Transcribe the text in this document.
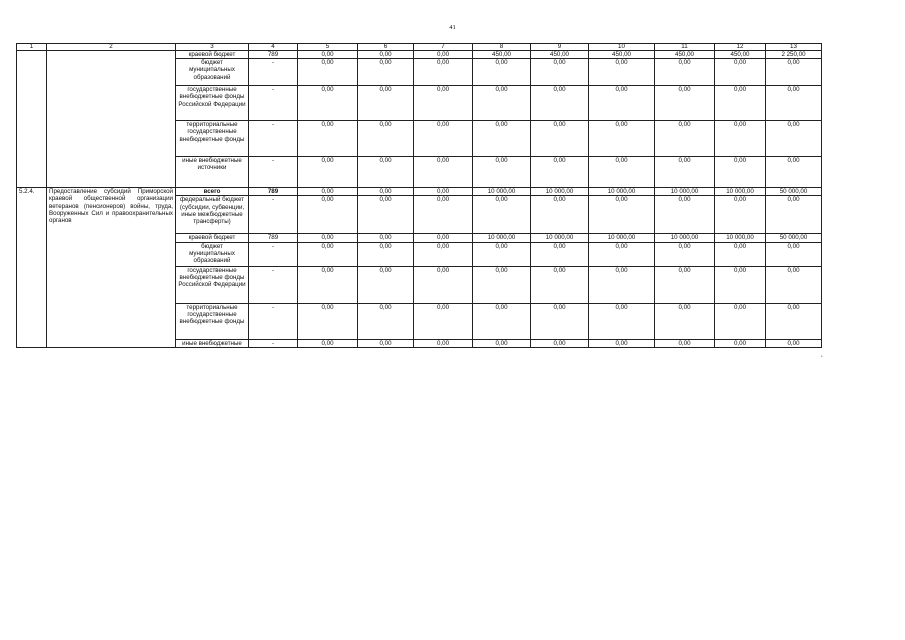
41
1	2	3	4	5	6	7	8	9	10	11	12	13
		краевой бюджет	789	0,00	0,00	0,00	450,00	450,00	450,00	450,00	450,00	2 250,00
		бюджет муниципальных образований	-	0,00	0,00	0,00	0,00	0,00	0,00	0,00	0,00	0,00
		государственные внебюджетные фонды Российской Федерации	-	0,00	0,00	0,00	0,00	0,00	0,00	0,00	0,00	0,00
		территориальные государственные внебюджетные фонды	-	0,00	0,00	0,00	0,00	0,00	0,00	0,00	0,00	0,00
		иные внебюджетные источники	-	0,00	0,00	0,00	0,00	0,00	0,00	0,00	0,00	0,00
5.2.4.	Предоставление субсидий Приморской краевой общественной организации ветеранов (пенсионеров) войны, труда, Вооруженных Сил и правоохранительных органов	всего	789	0,00	0,00	0,00	10 000,00	10 000,00	10 000,00	10 000,00	10 000,00	50 000,00
		федеральный бюджет (субсидии, субвенции, иные межбюджетные трансферты)	-	0,00	0,00	0,00	0,00	0,00	0,00	0,00	0,00	0,00
		краевой бюджет	789	0,00	0,00	0,00	10 000,00	10 000,00	10 000,00	10 000,00	10 000,00	50 000,00
		бюджет муниципальных образований	-	0,00	0,00	0,00	0,00	0,00	0,00	0,00	0,00	0,00
		государственные внебюджетные фонды Российской Федерации	-	0,00	0,00	0,00	0,00	0,00	0,00	0,00	0,00	0,00
		территориальные государственные внебюджетные фонды	-	0,00	0,00	0,00	0,00	0,00	0,00	0,00	0,00	0,00
		иные внебюджетные	-	0,00	0,00	0,00	0,00	0,00	0,00	0,00	0,00	0,00
*
